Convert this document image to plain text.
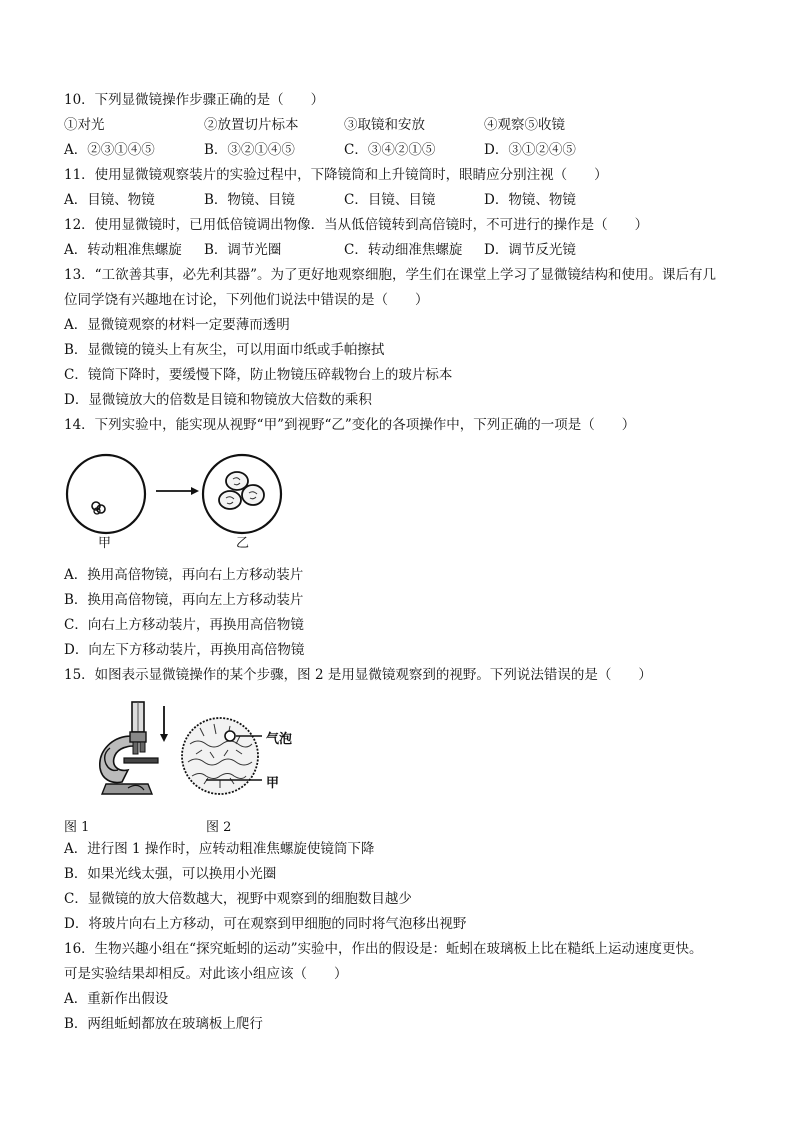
10．下列显微镜操作步骤正确的是（　　）
①对光	②放置切片标本	③取镜和安放	④观察⑤收镜
A．②③①④⑤	B．③②①④⑤	C．③④②①⑤	D．③①②④⑤
11．使用显微镜观察装片的实验过程中，下降镜筒和上升镜筒时，眼睛应分别注视（　　）
A．目镜、物镜	B．物镜、目镜	C．目镜、目镜	D．物镜、物镜
12．使用显微镜时，已用低倍镜调出物像．当从低倍镜转到高倍镜时，不可进行的操作是（　　）
A．转动粗准焦螺旋 B．调节光圈	C．转动细准焦螺旋 D．调节反光镜
13．“工欲善其事，必先利其器”。为了更好地观察细胞，学生们在课堂上学习了显微镜结构和使用。课后有几
位同学饶有兴趣地在讨论，下列他们说法中错误的是（　　）
A．显微镜观察的材料一定要薄而透明
B．显微镜的镜头上有灰尘，可以用面巾纸或手帕擦拭
C．镜筒下降时，要缓慢下降，防止物镜压碎载物台上的玻片标本
D．显微镜放大的倍数是目镜和物镜放大倍数的乘积
14．下列实验中，能实现从视野“甲”到视野“乙”变化的各项操作中，下列正确的一项是（　　）
甲	乙
A．换用高倍物镜，再向右上方移动装片
B．换用高倍物镜，再向左上方移动装片
C．向右上方移动装片，再换用高倍物镜
D．向左下方移动装片，再换用高倍物镜
15．如图表示显微镜操作的某个步骤，图 2 是用显微镜观察到的视野。下列说法错误的是（　　）
气泡
甲
图 1	图 2
A．进行图 1 操作时，应转动粗准焦螺旋使镜筒下降
B．如果光线太强，可以换用小光圈
C．显微镜的放大倍数越大，视野中观察到的细胞数目越少
D．将玻片向右上方移动，可在观察到甲细胞的同时将气泡移出视野
16．生物兴趣小组在“探究蚯蚓的运动”实验中，作出的假设是：蚯蚓在玻璃板上比在糙纸上运动速度更快。
可是实验结果却相反。对此该小组应该（　　）
A．重新作出假设
B．两组蚯蚓都放在玻璃板上爬行
